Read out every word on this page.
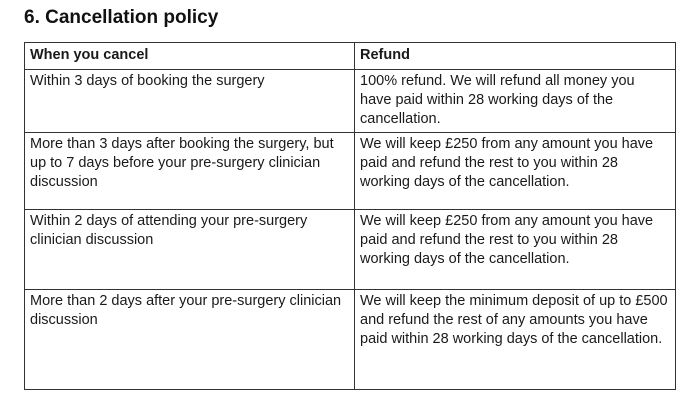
6. Cancellation policy
When you cancel	Refund
Within 3 days of booking the surgery	100% refund. We will refund all money you have paid within 28 working days of the cancellation.
More than 3 days after booking the surgery, but up to 7 days before your pre-surgery clinician discussion	We will keep £250 from any amount you have paid and refund the rest to you within 28 working days of the cancellation.
Within 2 days of attending your pre-surgery clinician discussion	We will keep £250 from any amount you have paid and refund the rest to you within 28 working days of the cancellation.
More than 2 days after your pre-surgery clinician discussion	We will keep the minimum deposit of up to £500 and refund the rest of any amounts you have paid within 28 working days of the cancellation.
